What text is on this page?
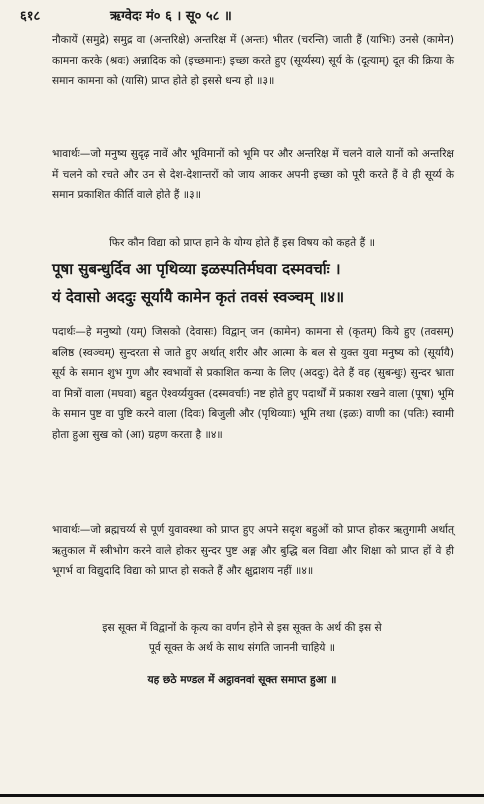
६१८	ऋग्वेदः मं० ६ । सू० ५८ ॥
नौकायें (समुद्रे) समुद्र वा (अन्तरिक्षे) अन्तरिक्ष में (अन्तः) भीतर (चरन्ति) जाती हैं (याभिः) उनसे (कामेन) कामना करके (श्रवः) अन्नादिक को (इच्छमानः) इच्छा करते हुए (सूर्य्यस्य) सूर्य के (दूत्याम्) दूत की क्रिया के समान कामना को (यासि) प्राप्त होते हो इससे धन्य हो ॥३॥
भावार्थः—जो मनुष्य सुदृढ़ नावें और भूविमानों को भूमि पर और अन्तरिक्ष में चलने वाले यानों को अन्तरिक्ष में चलने को रचते और उन से देश-देशान्तरों को जाय आकर अपनी इच्छा को पूरी करते हैं वे ही सूर्य्य के समान प्रकाशित कीर्ति वाले होते हैं ॥३॥
फिर कौन विद्या को प्राप्त हाने के योग्य होते हैं इस विषय को कहते हैं ॥
पूषा सुबन्धुर्दिव आ पृथिव्या इळस्पतिर्मघवा दस्मवर्चाः ।
यं देवासो अददुः सूर्यायै कामेन कृतं तवसं स्वञ्चम् ॥४॥
पदार्थः—हे मनुष्यो (यम्) जिसको (देवासः) विद्वान् जन (कामेन) कामना से (कृतम्) किये हुए (तवसम्) बलिष्ठ (स्वञ्चम्) सुन्दरता से जाते हुए अर्थात् शरीर और आत्मा के बल से युक्त युवा मनुष्य को (सूर्यायै) सूर्य के समान शुभ गुण और स्वभावों से प्रकाशित कन्या के लिए (अददुः) देते हैं वह (सुबन्धुः) सुन्दर भ्राता वा मित्रों वाला (मघवा) बहुत ऐश्वर्य्ययुक्त (दस्मवर्चाः) नष्ट होते हुए पदार्थों में प्रकाश रखने वाला (पूषा) भूमि के समान पुष्ट वा पुष्टि करने वाला (दिवः) बिजुली और (पृथिव्याः) भूमि तथा (इळः) वाणी का (पतिः) स्वामी होता हुआ सुख को (आ) ग्रहण करता है ॥४॥
भावार्थः—जो ब्रह्मचर्य्य से पूर्ण युवावस्था को प्राप्त हुए अपने सदृश बहुओं को प्राप्त होकर ऋतुगामी अर्थात् ऋतुकाल में स्त्रीभोग करने वाले होकर सुन्दर पुष्ट अङ्ग और बुद्धि बल विद्या और शिक्षा को प्राप्त हों वे ही भूगर्भ वा विद्युदादि विद्या को प्राप्त हो सकते हैं और क्षुद्राशय नहीं ॥४॥
इस सूक्त में विद्वानों के कृत्य का वर्णन होने से इस सूक्त के अर्थ की इस से
पूर्व सूक्त के अर्थ के साथ संगति जाननी चाहिये ॥
यह छठे मण्डल में अट्ठावनवां सूक्त समाप्त हुआ ॥
